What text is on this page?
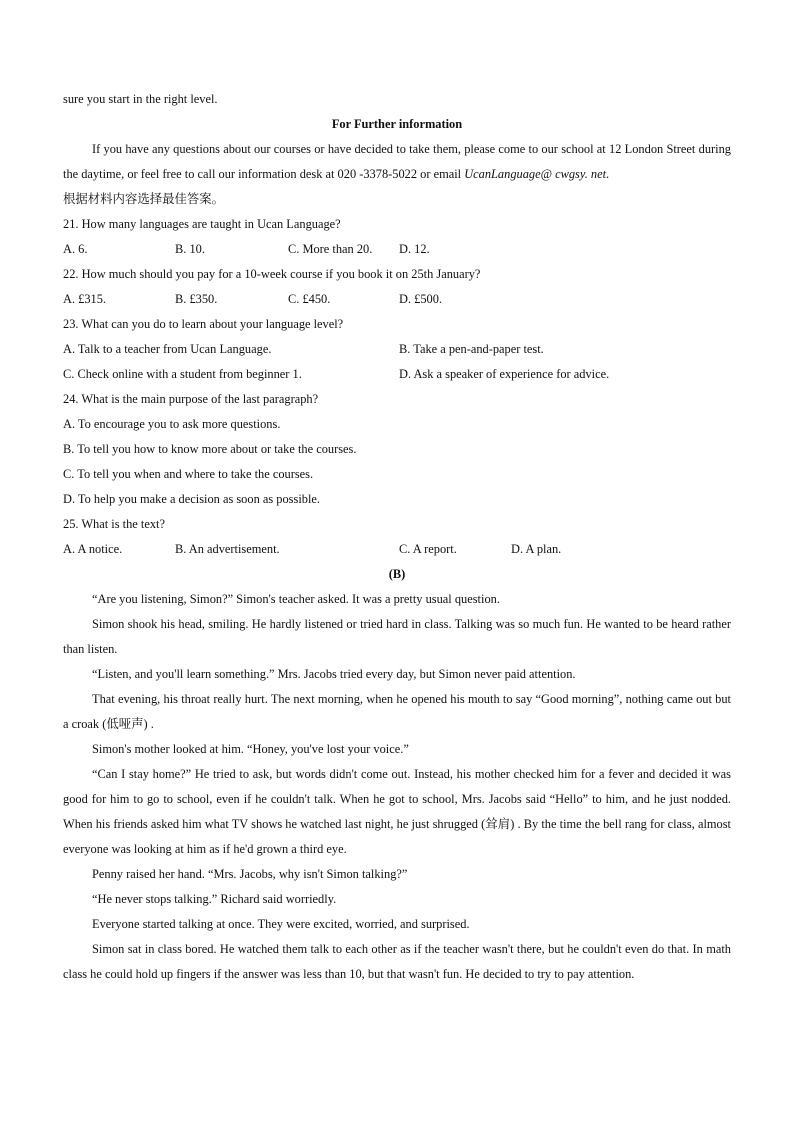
sure you start in the right level.
For Further information
If you have any questions about our courses or have decided to take them, please come to our school at 12 London Street during the daytime, or feel free to call our information desk at 020 -3378-5022 or email UcanLanguage@ cwgsy. net.
根据材料内容选择最佳答案。
21. How many languages are taught in Ucan Language?
A. 6.	B. 10.	C. More than 20. D. 12.
22. How much should you pay for a 10-week course if you book it on 25th January?
A. £315.	B. £350.	C. £450.	D. £500.
23. What can you do to learn about your language level?
A. Talk to a teacher from Ucan Language.	B. Take a pen-and-paper test.
C. Check online with a student from beginner 1.	D. Ask a speaker of experience for advice.
24. What is the main purpose of the last paragraph?
A. To encourage you to ask more questions.
B. To tell you how to know more about or take the courses.
C. To tell you when and where to take the courses.
D. To help you make a decision as soon as possible.
25. What is the text?
A. A notice.	B. An advertisement.	C. A report.	D. A plan.
(B)
“Are you listening, Simon?” Simon's teacher asked. It was a pretty usual question.
Simon shook his head, smiling. He hardly listened or tried hard in class. Talking was so much fun. He wanted to be heard rather than listen.
“Listen, and you'll learn something.” Mrs. Jacobs tried every day, but Simon never paid attention.
That evening, his throat really hurt. The next morning, when he opened his mouth to say “Good morning”, nothing came out but a croak (低哑声) .
Simon's mother looked at him. “Honey, you've lost your voice.”
“Can I stay home?” He tried to ask, but words didn't come out. Instead, his mother checked him for a fever and decided it was good for him to go to school, even if he couldn't talk. When he got to school, Mrs. Jacobs said “Hello” to him, and he just nodded. When his friends asked him what TV shows he watched last night, he just shrugged (耸肩) . By the time the bell rang for class, almost everyone was looking at him as if he'd grown a third eye.
Penny raised her hand. “Mrs. Jacobs, why isn't Simon talking?”
“He never stops talking.” Richard said worriedly.
Everyone started talking at once. They were excited, worried, and surprised.
Simon sat in class bored. He watched them talk to each other as if the teacher wasn't there, but he couldn't even do that. In math class he could hold up fingers if the answer was less than 10, but that wasn't fun. He decided to try to pay attention.
